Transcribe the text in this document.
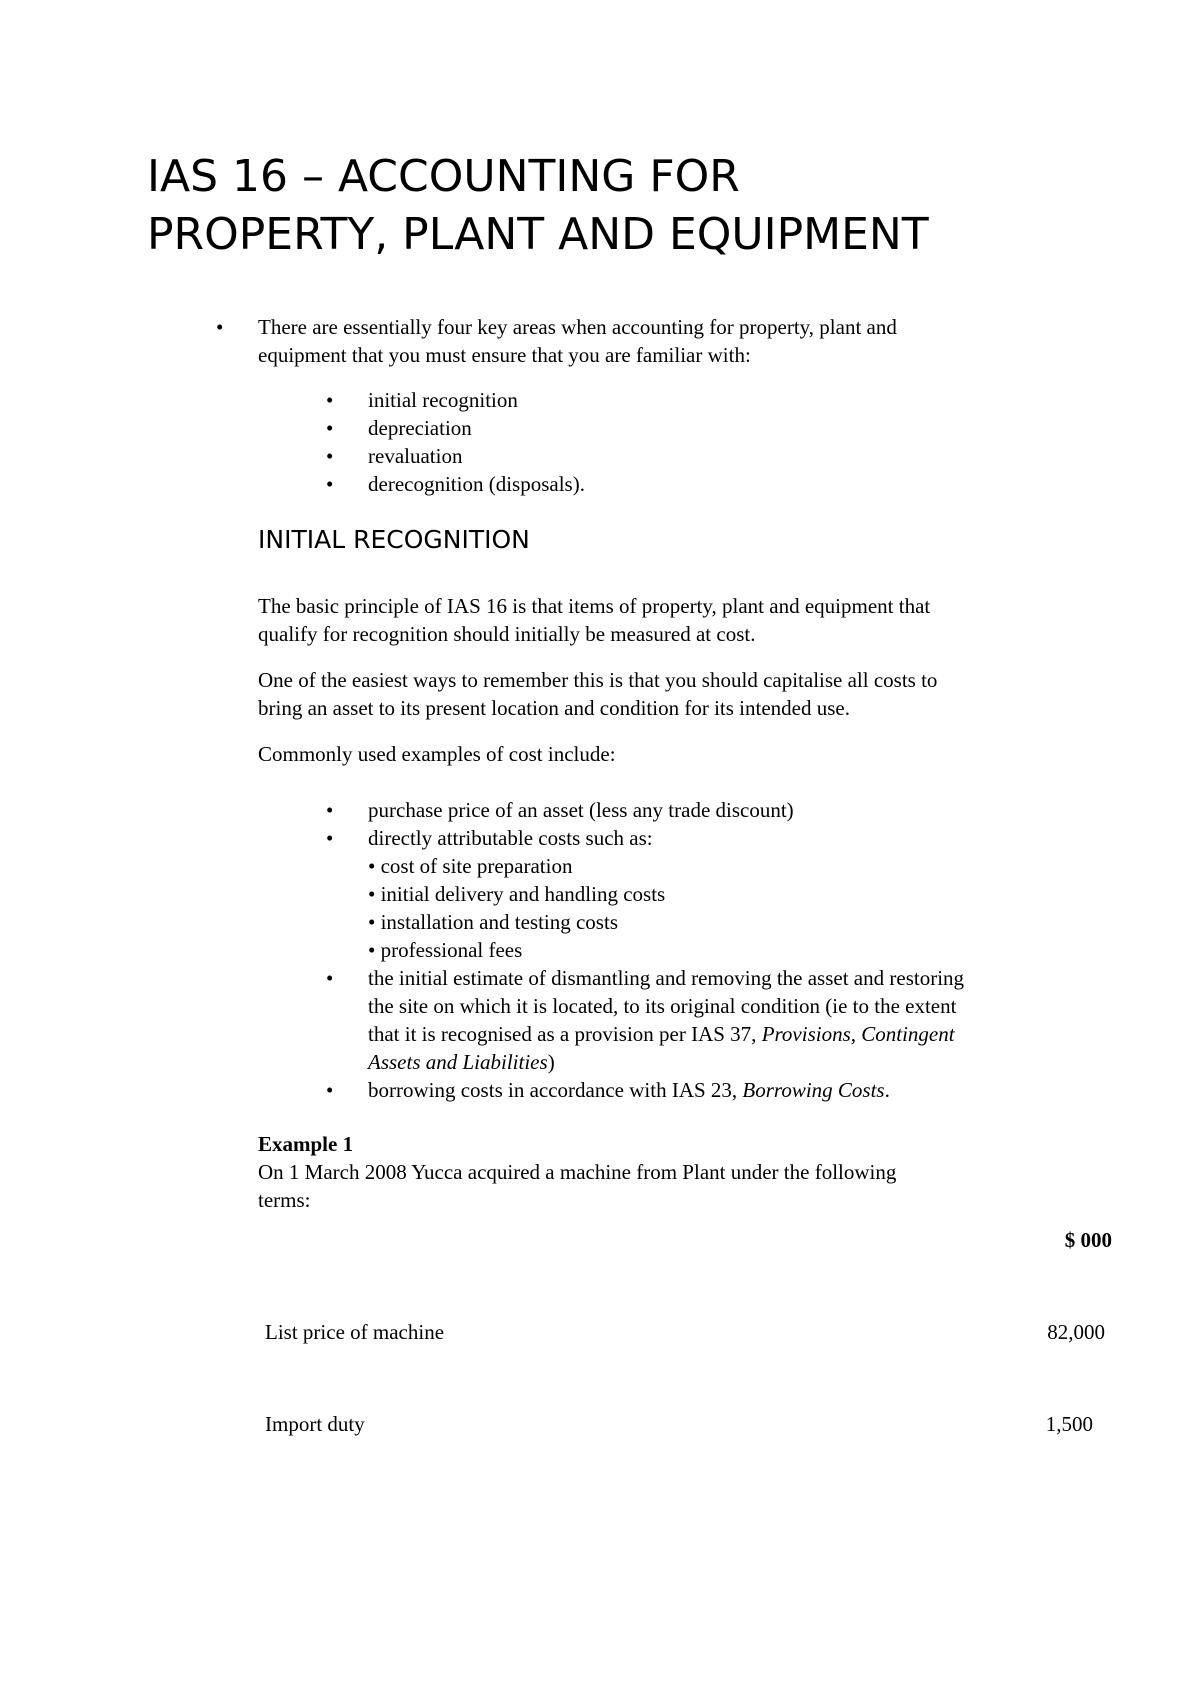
IAS 16 – ACCOUNTING FOR
PROPERTY, PLANT AND EQUIPMENT
• There are essentially four key areas when accounting for property, plant and
equipment that you must ensure that you are familiar with:
• initial recognition
• depreciation
• revaluation
• derecognition (disposals).
INITIAL RECOGNITION

The basic principle of IAS 16 is that items of property, plant and equipment that
qualify for recognition should initially be measured at cost.

One of the easiest ways to remember this is that you should capitalise all costs to
bring an asset to its present location and condition for its intended use.

Commonly used examples of cost include:

• purchase price of an asset (less any trade discount)
• directly attributable costs such as:
• cost of site preparation
• initial delivery and handling costs
• installation and testing costs
• professional fees
• the initial estimate of dismantling and removing the asset and restoring
the site on which it is located, to its original condition (ie to the extent
that it is recognised as a provision per IAS 37, Provisions, Contingent
Assets and Liabilities)
• borrowing costs in accordance with IAS 23, Borrowing Costs.
Example 1
On 1 March 2008 Yucca acquired a machine from Plant under the following
terms:
$ 000
List price of machine	82,000
Import duty	1,500
